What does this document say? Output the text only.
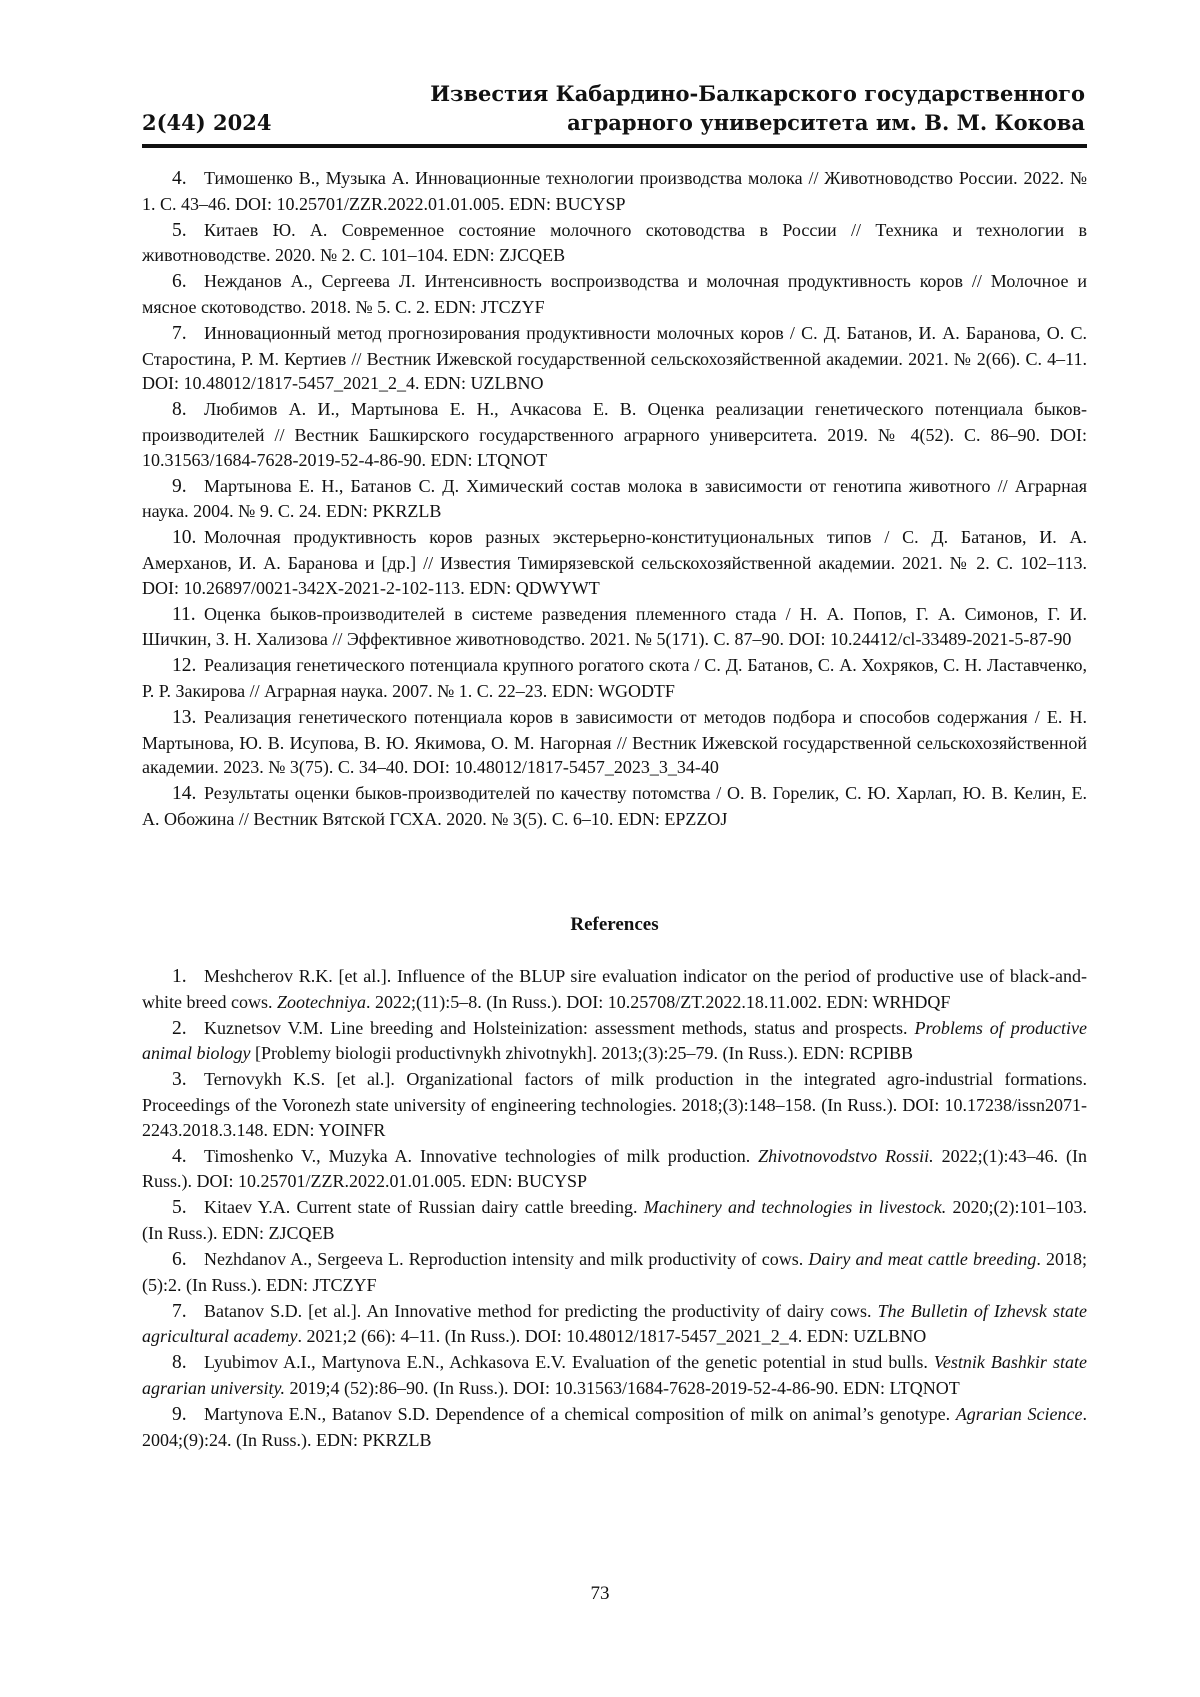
2(44) 2024
Известия Кабардино-Балкарского государственного
аграрного университета им. В. М. Кокова

4. Тимошенко В., Музыка А. Инновационные технологии производства молока // Животноводство России. 2022. № 1. С. 43–46. DOI: 10.25701/ZZR.2022.01.01.005. EDN: BUCYSP

5. Китаев Ю. А. Современное состояние молочного скотоводства в России // Техника и технологии в животноводстве. 2020. № 2. С. 101–104. EDN: ZJCQEB

6. Нежданов А., Сергеева Л. Интенсивность воспроизводства и молочная продуктивность коров // Молочное и мясное скотоводство. 2018. № 5. С. 2. EDN: JTCZYF

7. Инновационный метод прогнозирования продуктивности молочных коров / С. Д. Батанов, И. А. Баранова, О. С. Старостина, Р. М. Кертиев // Вестник Ижевской государственной сельскохозяйственной академии. 2021. № 2(66). С. 4–11. DOI: 10.48012/1817-5457_2021_2_4. EDN: UZLBNO

8. Любимов А. И., Мартынова Е. Н., Ачкасова Е. В. Оценка реализации генетического потенциала быков-производителей // Вестник Башкирского государственного аграрного университета. 2019. № 4(52). С. 86–90. DOI: 10.31563/1684-7628-2019-52-4-86-90. EDN: LTQNOT

9. Мартынова Е. Н., Батанов С. Д. Химический состав молока в зависимости от генотипа животного // Аграрная наука. 2004. № 9. С. 24. EDN: PKRZLB

10. Молочная продуктивность коров разных экстерьерно-конституциональных типов / С. Д. Батанов, И. А. Амерханов, И. А. Баранова и [др.] // Известия Тимирязевской сельскохозяйственной академии. 2021. № 2. С. 102–113. DOI: 10.26897/0021-342X-2021-2-102-113. EDN: QDWYWT

11. Оценка быков-производителей в системе разведения племенного стада / Н. А. Попов, Г. А. Симонов, Г. И. Шичкин, З. Н. Хализова // Эффективное животноводство. 2021. № 5(171). С. 87–90. DOI: 10.24412/cl-33489-2021-5-87-90

12. Реализация генетического потенциала крупного рогатого скота / С. Д. Батанов, С. А. Хохряков, С. Н. Ластавченко, Р. Р. Закирова // Аграрная наука. 2007. № 1. С. 22–23. EDN: WGODTF

13. Реализация генетического потенциала коров в зависимости от методов подбора и способов содержания / Е. Н. Мартынова, Ю. В. Исупова, В. Ю. Якимова, О. М. Нагорная // Вестник Ижевской государственной сельскохозяйственной академии. 2023. № 3(75). С. 34–40. DOI: 10.48012/1817-5457_2023_3_34-40

14. Результаты оценки быков-производителей по качеству потомства / О. В. Горелик, С. Ю. Харлап, Ю. В. Келин, Е. А. Обожина // Вестник Вятской ГСХА. 2020. № 3(5). С. 6–10. EDN: EPZZOJ

References

1. Meshcherov R.K. [et al.]. Influence of the BLUP sire evaluation indicator on the period of productive use of black-and-white breed cows. Zootechniya. 2022;(11):5–8. (In Russ.). DOI: 10.25708/ZT.2022.18.11.002. EDN: WRHDQF

2. Kuznetsov V.M. Line breeding and Holsteinization: assessment methods, status and prospects. Problems of productive animal biology [Problemy biologii productivnykh zhivotnykh]. 2013;(3):25–79. (In Russ.). EDN: RCPIBB

3. Ternovykh K.S. [et al.]. Organizational factors of milk production in the integrated agro-industrial formations. Proceedings of the Voronezh state university of engineering technologies. 2018;(3):148–158. (In Russ.). DOI: 10.17238/issn2071-2243.2018.3.148. EDN: YOINFR

4. Timoshenko V., Muzyka A. Innovative technologies of milk production. Zhivotnovodstvo Rossii. 2022;(1):43–46. (In Russ.). DOI: 10.25701/ZZR.2022.01.01.005. EDN: BUCYSP

5. Kitaev Y.A. Current state of Russian dairy cattle breeding. Machinery and technologies in livestock. 2020;(2):101–103. (In Russ.). EDN: ZJCQEB

6. Nezhdanov A., Sergeeva L. Reproduction intensity and milk productivity of cows. Dairy and meat cattle breeding. 2018;(5):2. (In Russ.). EDN: JTCZYF

7. Batanov S.D. [et al.]. An Innovative method for predicting the productivity of dairy cows. The Bulletin of Izhevsk state agricultural academy. 2021;2 (66): 4–11. (In Russ.). DOI: 10.48012/1817-5457_2021_2_4. EDN: UZLBNO

8. Lyubimov A.I., Martynova E.N., Achkasova E.V. Evaluation of the genetic potential in stud bulls. Vestnik Bashkir state agrarian university. 2019;4 (52):86–90. (In Russ.). DOI: 10.31563/1684-7628-2019-52-4-86-90. EDN: LTQNOT

9. Martynova E.N., Batanov S.D. Dependence of a chemical composition of milk on animal’s genotype. Agrarian Science. 2004;(9):24. (In Russ.). EDN: PKRZLB

73
